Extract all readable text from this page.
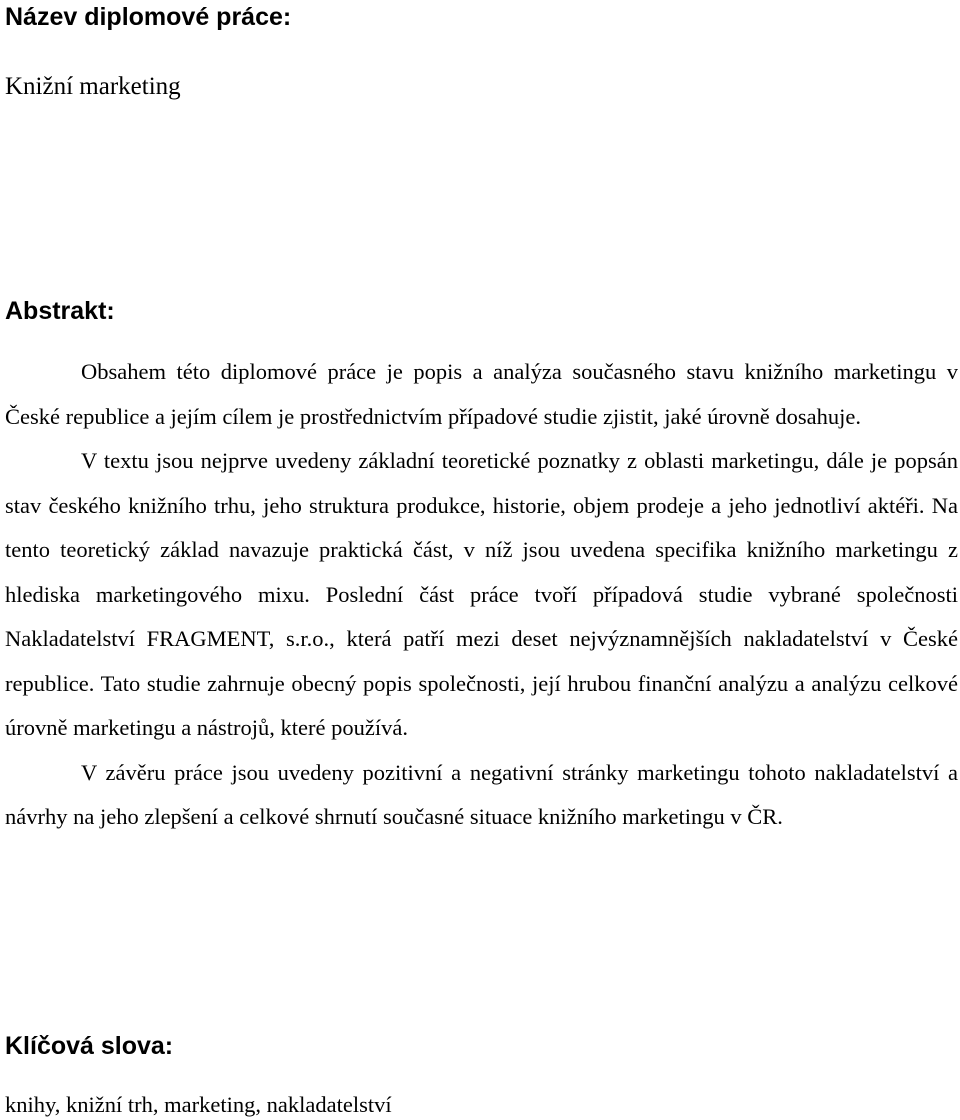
Název diplomové práce:
Knižní marketing
Abstrakt:

Obsahem této diplomové práce je popis a analýza současného stavu knižního marketingu v České republice a jejím cílem je prostřednictvím případové studie zjistit, jaké úrovně dosahuje.

V textu jsou nejprve uvedeny základní teoretické poznatky z oblasti marketingu, dále je popsán stav českého knižního trhu, jeho struktura produkce, historie, objem prodeje a jeho jednotliví aktéři. Na tento teoretický základ navazuje praktická část, v níž jsou uvedena specifika knižního marketingu z hlediska marketingového mixu. Poslední část práce tvoří případová studie vybrané společnosti Nakladatelství FRAGMENT, s.r.o., která patří mezi deset nejvýznamnějších nakladatelství v České republice. Tato studie zahrnuje obecný popis společnosti, její hrubou finanční analýzu a analýzu celkové úrovně marketingu a nástrojů, které používá.

V závěru práce jsou uvedeny pozitivní a negativní stránky marketingu tohoto nakladatelství a návrhy na jeho zlepšení a celkové shrnutí současné situace knižního marketingu v ČR.

Klíčová slova:
knihy, knižní trh, marketing, nakladatelství
